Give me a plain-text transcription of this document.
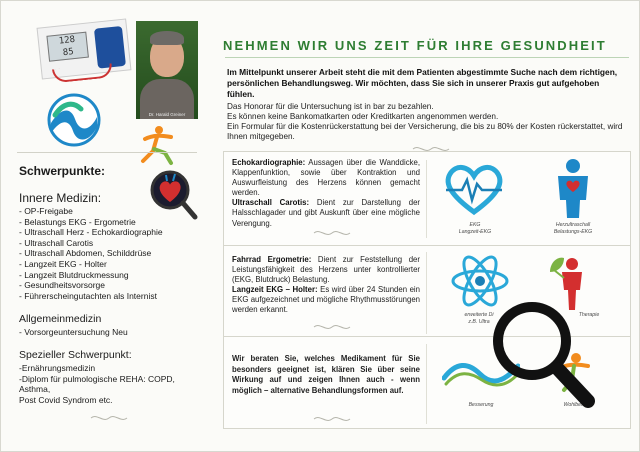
128
85
Dr. Harald Greiner
Schwerpunkte:
Innere Medizin:
- OP-Freigabe
- Belastungs EKG - Ergometrie
- Ultraschall Herz - Echokardiographie
- Ultraschall Carotis
- Ultraschall Abdomen, Schilddrüse
- Langzeit EKG - Holter
- Langzeit Blutdruckmessung
- Gesundheitsvorsorge
- Führerscheingutachten als Internist
Allgemeinmedizin
- Vorsorgeuntersuchung Neu
Spezieller Schwerpunkt:
-Ernährungsmedizin
-Diplom für pulmologische REHA: COPD, Asthma,
Post Covid Syndrom etc.
NEHMEN WIR UNS ZEIT FÜR IHRE GESUNDHEIT
Im Mittelpunkt unserer Arbeit steht die mit dem Patienten abgestimmte Suche nach dem richtigen, persönlichen Behandlungsweg. Wir möchten, dass Sie sich in unserer Praxis gut aufgehoben fühlen.
Das Honorar für die Untersuchung ist in bar zu bezahlen.
Es können keine Bankomatkarten oder Kreditkarten angenommen werden.
Ein Formular für die Kostenrückerstattung bei der Versicherung, die bis zu 80% der Kosten rückerstattet, wird Ihnen mitgegeben.
Echokardiographie: Aussagen über die Wanddicke, Klappenfunktion, sowie über Kontraktion und Auswurfleistung des Herzens können gemacht werden.
Ultraschall Carotis: Dient zur Darstellung der Halsschlagader und gibt Auskunft über eine mögliche Verengung.	EKG
Langzeit-EKG
Herzultraschall
Belastungs-EKG
Fahrrad Ergometrie: Dient zur Feststellung der Leistungsfähigkeit des Herzens unter kontrollierter (EKG, Blutdruck) Belastung.
Langzeit EKG – Holter: Es wird über 24 Stunden ein EKG aufgezeichnet und mögliche Rhythmusstörungen werden erkannt.
erweiterte Di
z.B. Ultra
Therapie
Wir beraten Sie, welches Medikament für Sie besonders geeignet ist, klären Sie über seine Wirkung auf und zeigen Ihnen auch - wenn möglich – alternative Behandlungsformen auf.
Besserung	Wohlbefin
